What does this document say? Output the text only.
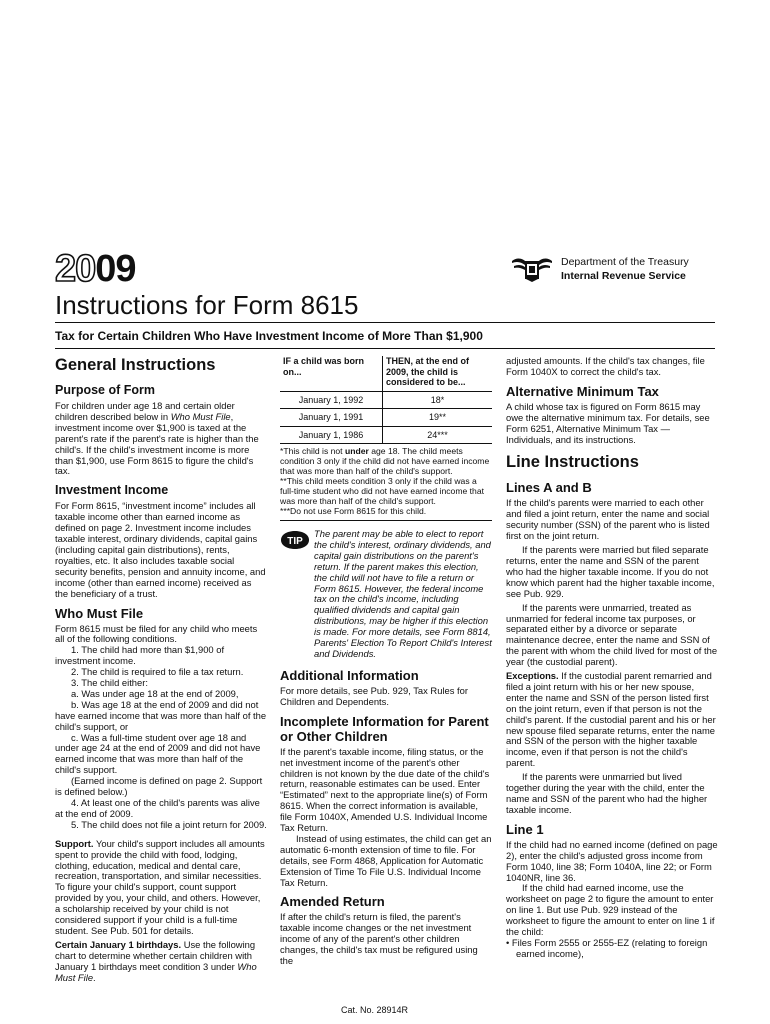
2009	Department of the Treasury
Internal Revenue Service
Instructions for Form 8615
Tax for Certain Children Who Have Investment Income of More Than $1,900
General Instructions
Purpose of Form

For children under age 18 and certain older children described below in Who Must File, investment income over $1,900 is taxed at the parent's rate if the parent's rate is higher than the child's. If the child's investment income is more than $1,900, use Form 8615 to figure the child's tax.

Investment Income

For Form 8615, “investment income” includes all taxable income other than earned income as defined on page 2. Investment income includes taxable interest, ordinary dividends, capital gains (including capital gain distributions), rents, royalties, etc. It also includes taxable social security benefits, pension and annuity income, and income (other than earned income) received as the beneficiary of a trust.

Who Must File

Form 8615 must be filed for any child who meets all of the following conditions.

1. The child had more than $1,900 of investment income.

2. The child is required to file a tax return.

3. The child either:

a. Was under age 18 at the end of 2009,

b. Was age 18 at the end of 2009 and did not have earned income that was more than half of the child's support, or

c. Was a full-time student over age 18 and under age 24 at the end of 2009 and did not have earned income that was more than half of the child's support.

(Earned income is defined on page 2. Support is defined below.)

4. At least one of the child's parents was alive at the end of 2009.

5. The child does not file a joint return for 2009.

Support. Your child's support includes all amounts spent to provide the child with food, lodging, clothing, education, medical and dental care, recreation, transportation, and similar necessities. To figure your child's support, count support provided by you, your child, and others. However, a scholarship received by your child is not considered support if your child is a full-time student. See Pub. 501 for details.

Certain January 1 birthdays. Use the following chart to determine whether certain children with January 1 birthdays meet condition 3 under Who Must File.

IF a child was born on...	THEN, at the end of 2009, the child is considered to be...
January 1, 1992	18*
January 1, 1991	19**
January 1, 1986	24***

*This child is not under age 18. The child meets condition 3 only if the child did not have earned income that was more than half of the child's support.

**This child meets condition 3 only if the child was a full-time student who did not have earned income that was more than half of the child's support.

***Do not use Form 8615 for this child.

TIP
The parent may be able to elect to report the child's interest, ordinary dividends, and capital gain distributions on the parent's return. If the parent makes this election, the child will not have to file a return or Form 8615. However, the federal income tax on the child's income, including qualified dividends and capital gain distributions, may be higher if this election is made. For more details, see Form 8814, Parents' Election To Report Child's Interest and Dividends.
Additional Information

For more details, see Pub. 929, Tax Rules for Children and Dependents.

Incomplete Information for Parent or Other Children

If the parent's taxable income, filing status, or the net investment income of the parent's other children is not known by the due date of the child's return, reasonable estimates can be used. Enter “Estimated” next to the appropriate line(s) of Form 8615. When the correct information is available, file Form 1040X, Amended U.S. Individual Income Tax Return.

Instead of using estimates, the child can get an automatic 6-month extension of time to file. For details, see Form 4868, Application for Automatic Extension of Time To File U.S. Individual Income Tax Return.

Amended Return

If after the child's return is filed, the parent's taxable income changes or the net investment income of any of the parent's other children changes, the child's tax must be refigured using the

adjusted amounts. If the child's tax changes, file Form 1040X to correct the child's tax.

Alternative Minimum Tax

A child whose tax is figured on Form 8615 may owe the alternative minimum tax. For details, see Form 6251, Alternative Minimum Tax — Individuals, and its instructions.

Line Instructions
Lines A and B

If the child's parents were married to each other and filed a joint return, enter the name and social security number (SSN) of the parent who is listed first on the joint return.

If the parents were married but filed separate returns, enter the name and SSN of the parent who had the higher taxable income. If you do not know which parent had the higher taxable income, see Pub. 929.

If the parents were unmarried, treated as unmarried for federal income tax purposes, or separated either by a divorce or separate maintenance decree, enter the name and SSN of the parent with whom the child lived for most of the year (the custodial parent).

Exceptions. If the custodial parent remarried and filed a joint return with his or her new spouse, enter the name and SSN of the person listed first on the joint return, even if that person is not the child's parent. If the custodial parent and his or her new spouse filed separate returns, enter the name and SSN of the person with the higher taxable income, even if that person is not the child's parent.

If the parents were unmarried but lived together during the year with the child, enter the name and SSN of the parent who had the higher taxable income.

Line 1

If the child had no earned income (defined on page 2), enter the child's adjusted gross income from Form 1040, line 38; Form 1040A, line 22; or Form 1040NR, line 36.

If the child had earned income, use the worksheet on page 2 to figure the amount to enter on line 1. But use Pub. 929 instead of the worksheet to figure the amount to enter on line 1 if the child:

• Files Form 2555 or 2555-EZ (relating to foreign earned income),

Cat. No. 28914R
